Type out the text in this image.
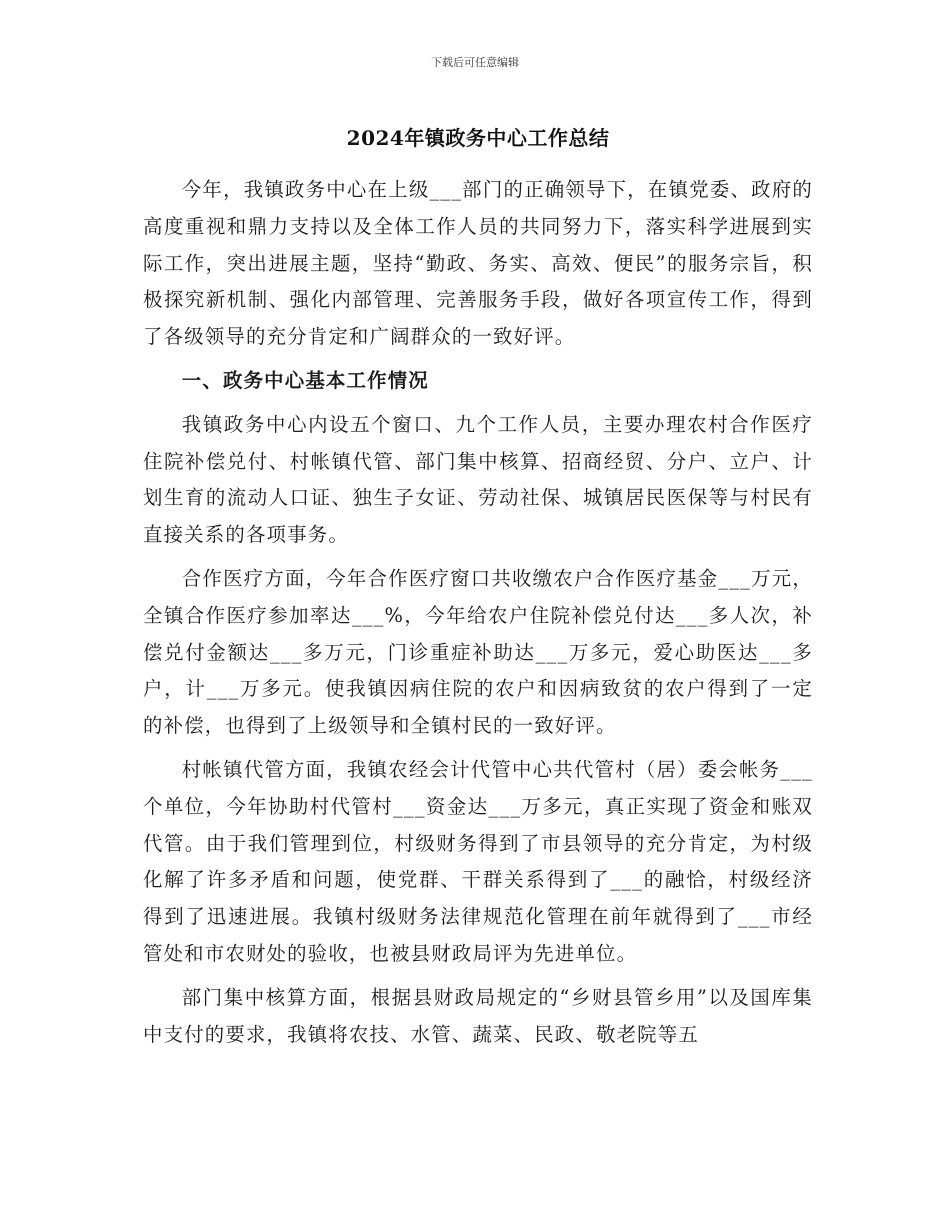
下载后可任意编辑
2024年镇政务中心工作总结

今年，我镇政务中心在上级___部门的正确领导下，在镇党委、政府的高度重视和鼎力支持以及全体工作人员的共同努力下，落实科学进展到实际工作，突出进展主题，坚持“勤政、务实、高效、便民”的服务宗旨，积极探究新机制、强化内部管理、完善服务手段，做好各项宣传工作，得到了各级领导的充分肯定和广阔群众的一致好评。

一、政务中心基本工作情况

我镇政务中心内设五个窗口、九个工作人员，主要办理农村合作医疗住院补偿兑付、村帐镇代管、部门集中核算、招商经贸、分户、立户、计划生育的流动人口证、独生子女证、劳动社保、城镇居民医保等与村民有直接关系的各项事务。

合作医疗方面，今年合作医疗窗口共收缴农户合作医疗基金___万元，全镇合作医疗参加率达___%，今年给农户住院补偿兑付达___多人次，补偿兑付金额达___多万元，门诊重症补助达___万多元，爱心助医达___多户，计___万多元。使我镇因病住院的农户和因病致贫的农户得到了一定的补偿，也得到了上级领导和全镇村民的一致好评。

村帐镇代管方面，我镇农经会计代管中心共代管村（居）委会帐务___个单位，今年协助村代管村___资金达___万多元，真正实现了资金和账双代管。由于我们管理到位，村级财务得到了市县领导的充分肯定，为村级化解了许多矛盾和问题，使党群、干群关系得到了___的融恰，村级经济得到了迅速进展。我镇村级财务法律规范化管理在前年就得到了___市经管处和市农财处的验收，也被县财政局评为先进单位。

部门集中核算方面，根据县财政局规定的“乡财县管乡用”以及国库集中支付的要求，我镇将农技、水管、蔬菜、民政、敬老院等五
